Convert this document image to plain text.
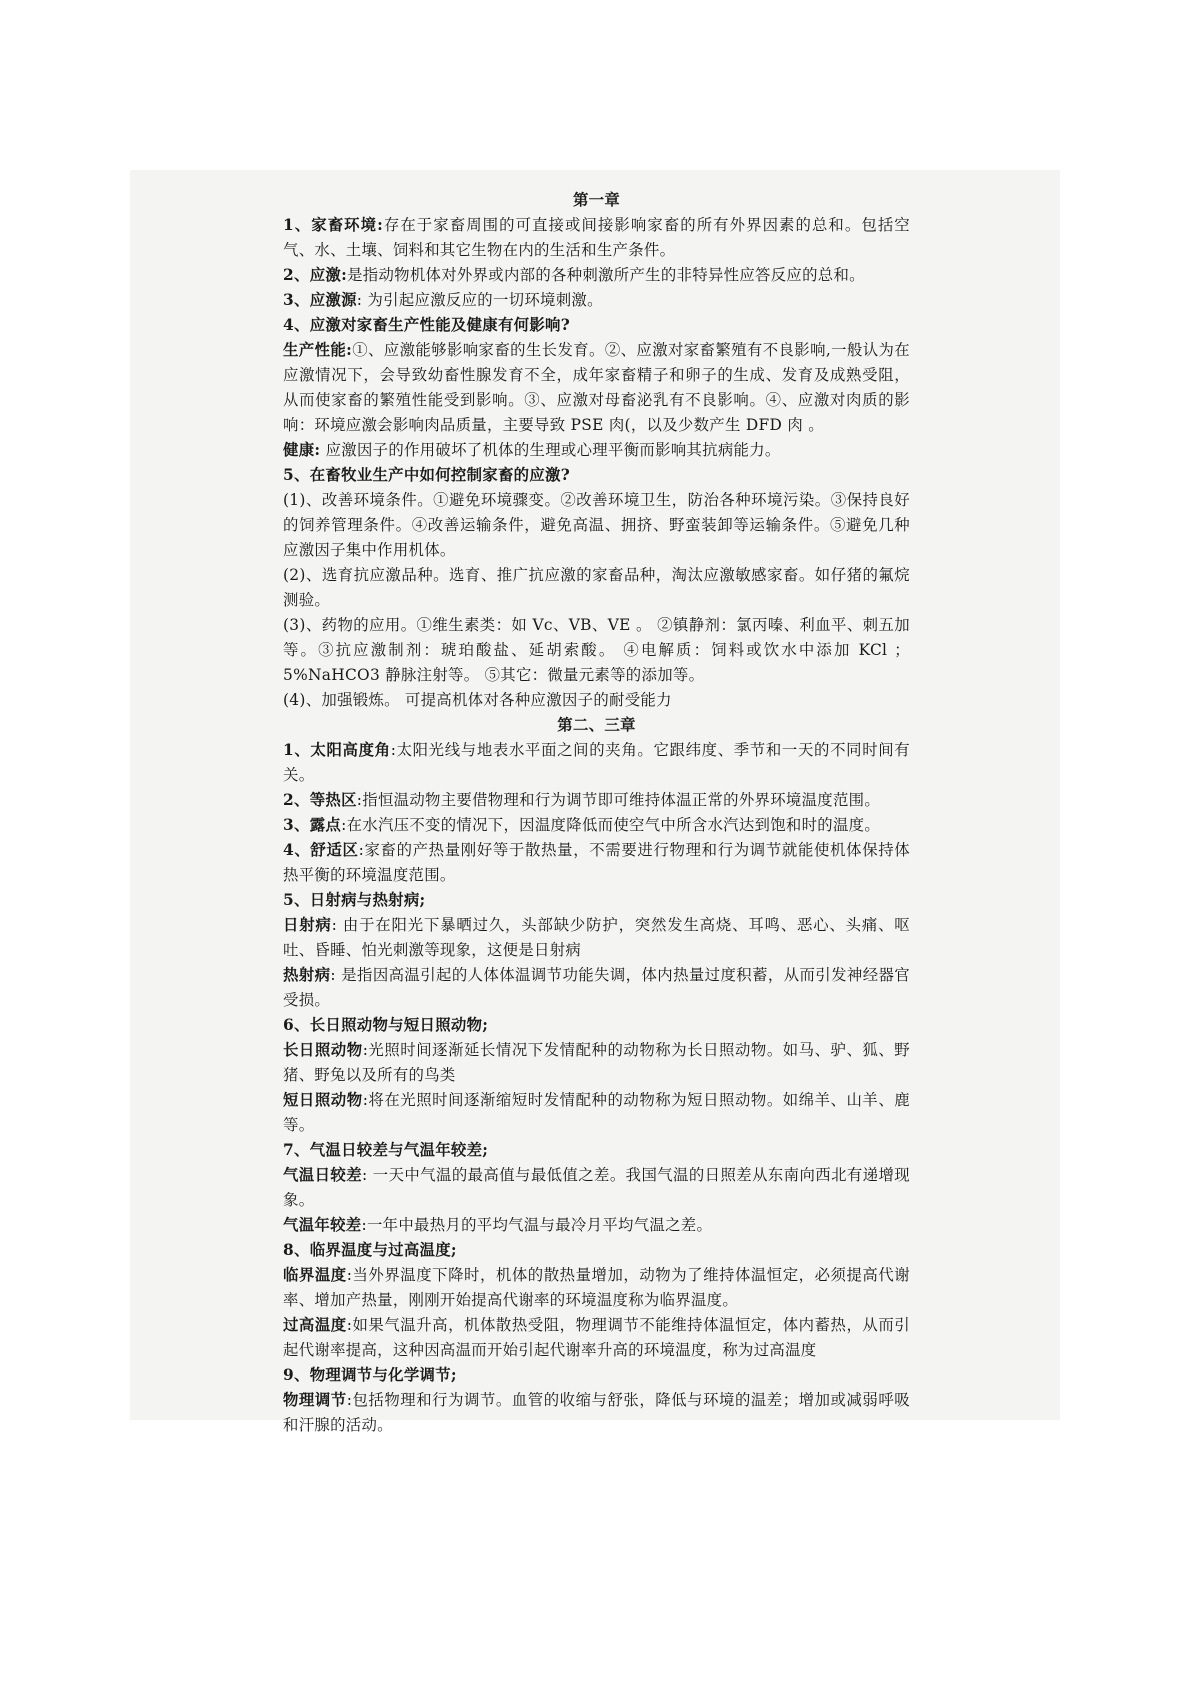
第一章

1、家畜环境:存在于家畜周围的可直接或间接影响家畜的所有外界因素的总和。包括空气、水、土壤、饲料和其它生物在内的生活和生产条件。

2、应激:是指动物机体对外界或内部的各种刺激所产生的非特异性应答反应的总和。

3、应激源: 为引起应激反应的一切环境刺激。

4、应激对家畜生产性能及健康有何影响?

生产性能:①、应激能够影响家畜的生长发育。②、应激对家畜繁殖有不良影响,一般认为在应激情况下，会导致幼畜性腺发育不全，成年家畜精子和卵子的生成、发育及成熟受阻，从而使家畜的繁殖性能受到影响。③、应激对母畜泌乳有不良影响。④、应激对肉质的影响：环境应激会影响肉品质量，主要导致 PSE 肉(，以及少数产生 DFD 肉 。

健康: 应激因子的作用破坏了机体的生理或心理平衡而影响其抗病能力。

5、在畜牧业生产中如何控制家畜的应激?

(1)、改善环境条件。①避免环境骤变。②改善环境卫生，防治各种环境污染。③保持良好的饲养管理条件。④改善运输条件，避免高温、拥挤、野蛮装卸等运输条件。⑤避免几种应激因子集中作用机体。

(2)、选育抗应激品种。选育、推广抗应激的家畜品种，淘汰应激敏感家畜。如仔猪的氟烷测验。

(3)、药物的应用。①维生素类：如 Vc、VB、VE 。 ②镇静剂：氯丙嗪、利血平、刺五加等。③抗应激制剂：琥珀酸盐、延胡索酸。 ④电解质：饲料或饮水中添加 KCl ；5%NaHCO3 静脉注射等。 ⑤其它：微量元素等的添加等。

(4)、加强锻炼。 可提高机体对各种应激因子的耐受能力

第二、三章

1、太阳高度角:太阳光线与地表水平面之间的夹角。它跟纬度、季节和一天的不同时间有关。

2、等热区:指恒温动物主要借物理和行为调节即可维持体温正常的外界环境温度范围。

3、露点:在水汽压不变的情况下，因温度降低而使空气中所含水汽达到饱和时的温度。

4、舒适区:家畜的产热量刚好等于散热量，不需要进行物理和行为调节就能使机体保持体热平衡的环境温度范围。

5、日射病与热射病;

日射病: 由于在阳光下暴晒过久，头部缺少防护，突然发生高烧、耳鸣、恶心、头痛、呕吐、昏睡、怕光刺激等现象，这便是日射病

热射病: 是指因高温引起的人体体温调节功能失调，体内热量过度积蓄，从而引发神经器官受损。

6、长日照动物与短日照动物;

长日照动物:光照时间逐渐延长情况下发情配种的动物称为长日照动物。如马、驴、狐、野猪、野兔以及所有的鸟类

短日照动物:将在光照时间逐渐缩短时发情配种的动物称为短日照动物。如绵羊、山羊、鹿等。

7、气温日较差与气温年较差;

气温日较差: 一天中气温的最高值与最低值之差。我国气温的日照差从东南向西北有递增现象。

气温年较差:一年中最热月的平均气温与最冷月平均气温之差。

8、临界温度与过高温度;

临界温度:当外界温度下降时，机体的散热量增加，动物为了维持体温恒定，必须提高代谢率、增加产热量，刚刚开始提高代谢率的环境温度称为临界温度。

过高温度:如果气温升高，机体散热受阻，物理调节不能维持体温恒定，体内蓄热，从而引起代谢率提高，这种因高温而开始引起代谢率升高的环境温度，称为过高温度

9、物理调节与化学调节;

物理调节:包括物理和行为调节。血管的收缩与舒张，降低与环境的温差；增加或减弱呼吸和汗腺的活动。
